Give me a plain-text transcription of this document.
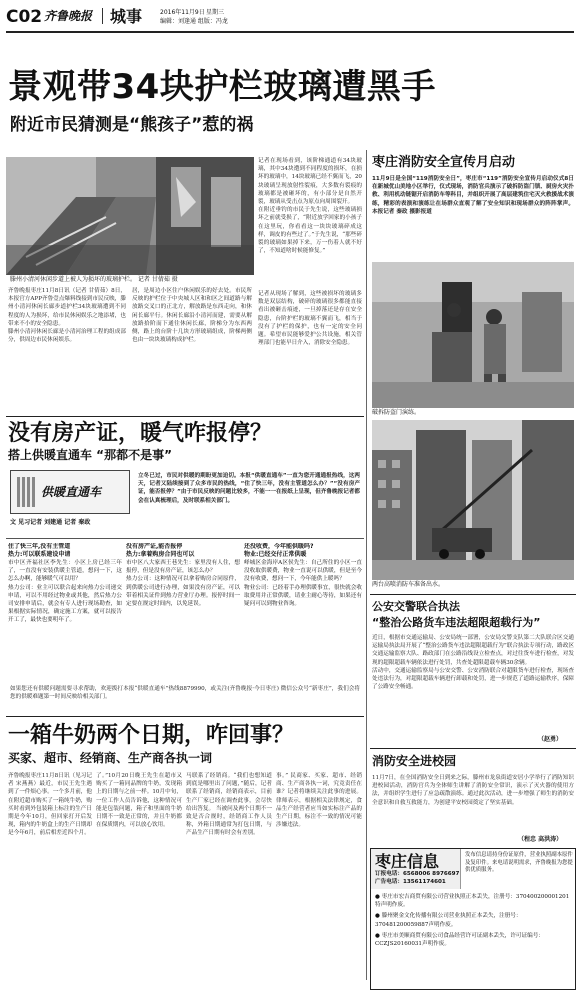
C02 齐鲁晚报 城事	2016年11月9日 星期三
编辑：刘逢通 组版：冯龙
景观带34块护栏玻璃遭黑手
附近市民猜测是“熊孩子”惹的祸
滕州小清河休闲步道上被人为损坏的玻璃护栏。 记者 甘倩茹 摄
齐鲁晚报枣庄11月8日讯（记者 甘倩茹）8日，本报官方APP齐鲁壹点爆料线接到市民反映，滕州小清河休闲长廊步道护栏34块玻璃遭到不同程度的人为损坏，给市民休闲娱乐之地添堵，也带来不小的安全隐患。
滕州小清河休闲长廊是小清河治理工程的组成部分，供周边市民休闲娱乐。
居，是周边小区住户休闲娱乐的好去处。市民所反映的护栏位于中央城人区和和区之间道路与解放路交叉口的正北方，解放路是东西走向，和休闲长廊平行。休闲长廊沿小清河而建，需要从解放路拾阶而下通往休闲长廊，阶梯分为东西两侧，路上的台阶十几块方形玻璃组成，阶梯两侧也由一块块玻璃构成护栏。
记者在现场看到，该阶梯通道有34块玻璃，其中34块遭到不同程度的损坏，在损坏的玻璃中，14块玻璃已经不翼而飞，20块玻璃呈现放射性裂痕，大多数有裂痕的玻璃都是被砸坏的，有小部分是自然开裂，玻璃从受击点为原点向周围裂开。
在附近垂钓的市民于先生说，这些玻璃损坏之前就受损了，“附近放学回家的小孩子在这里玩，你看看这一块块玻璃碎成这样，调皮的有些过了。”于先生说，“那些碎裂的玻璃如果掉下来，万一伤着人就不好了，不知道啥时候能修复。”
记者从现场了解到，这些被损坏的玻璃多数是双层结构，破碎的玻璃很多都能直接看出被砸击痕迹，一旦掉落还是存在安全隐患，台阶护栏的玻璃不翼而飞，相当于没有了护栏的保护，也有一定的安全问题。希望市民能够爱护公共设施，相关管理部门也能早日介入，消除安全隐患。
没有房产证，暖气咋报停？
搭上供暖直通车 “那都不是事”
供暖直通车
立冬已过，市民对供暖的期盼更加迫切。本报“供暖直通车”一直为您开通通报热线，这两天，记者又陆续接到了众多市民的热线，“住了快三年，没有主管道怎么办？”“没有房产证，能否报停？”由于市民反映的问题比较多，不能一一在报纸上呈现，但齐鲁晚报记者都会在认真梳理后，及时联系相关部门。
文 见习记者 刘建通 记者 秦政
住了快三年,没有主管道
热力:可以联系建设申请
市中区齐福社区李先生：小区上房已经三年了，一直没有安装供暖主管道，想问一下，这怎么办啊，能够暖气可以用？
热力公司：业主可以联合起来向热力公司递交申请，可以不用经过物业或其他，然后热力公司安排申请后，就会有专人进行现场勘查，如果根据实际情况，确定施工方案，就可以报告开工了，最快也要明年了。
没有房产证,能否报停
热力:拿着购房合同也可以
市中区八大家西王巷先生：家里没有人住，想报停，但是没有房产证，该怎么办？
热力公司：这种情况可以拿着购房合同原件，到供暖公司进行办理，如果没有房产证，可以带着相关证件到热力营业厅办理。报停时间一定要在规定时间内，以免延误。
还没收费，今年能供暖吗?
物业:已经交付正常供暖
峄城区金海岸A区侯先生：自己所住的小区一直没收取供暖费，物业一直说可以供暖，但是至今没有收费，想问一下，今年能供上暖吗？
物业公司：已经着手办理供暖事宜，很快就会收取费用并正常供暖，请业主耐心等待，如果还有疑问可以到物业咨询。
如果您还有供暖问题需要寻求帮助，欢迎拨打本报“供暖直通车”热线8879990，或关注(齐鲁晚报·今日枣庄) 微信公众号“新枣庄”，我们会将您的供暖难题第一时间反映给相关部门。
一箱牛奶两个日期，咋回事？
买家、超市、经销商、生产商各执一词
齐鲁晚报枣庄11月8日讯（见习记者 宋燕燕）最近，市民王先生遇到了一件烦心事。一个多月前，他在附近超市购买了一箱纯牛奶，购买时看到外包装箱上标注的生产日期是今年10月，但回家打开后发现，箱内的牛奶盒上的生产日期却是今年6月，前后相差近四个月。
了。”10月20日晚王先生在超市又购买了一箱同品牌的牛奶，发现箱上的日期与之前一样。10月中旬，一位工作人员告诉他，这种情况可能是包装问题，箱子和里面的牛奶日期不一致是正常的，并且牛奶都在保质期内，可以放心饮用。
马联系了经销商。“我们也想知道到底是哪里出了问题，”随后，记者联系了经销商，经销商表示，目前生产厂家已经在调查此事，会尽快给出答复。 当被问及两个日期不一致是否合规时，经销商工作人员称，外箱日期通常为打包日期，与产品生产日期有时会有差别。
事。” 民商家、买家、超市、经销商、生产商各执一词，究竟责任在谁？记者将继续关注此事的进展。律师表示，根据相关法律规定，食品生产经营者应当如实标注产品的生产日期，标注不一致的情况可能涉嫌违法。
枣庄消防安全宣传月启动
11月9日是全国“119消防安全日”，枣庄市“119”消防安全宣传月启动仪式8日在新城优山美地小区举行，仪式现场，消防官兵演示了破拆防盗门锁、厨房火灾扑救、利用机动链锯开启消防车等科目，并组织开展了高层建筑住宅灭火救援战术演练，精彩的表演和演练让在场群众直观了解了安全知识和现场群众的阵阵掌声。 本报记者 秦政 摄影报道
破拆防盗门演练。
两台高喷消防车准备出水。
公安交警联合执法
“整治公路货车违法超限超载行为”
近日，根据市交通运输局、公安局统一部署，公安局交警支队第二大队联合区交通运输局执法局开展了“整治公路货车违法超限超载行为”联合执法专项行动，路政区交通运输监察大队、路政部门在公路沿线设立检查点，对过往货车进行检查，对发现的超限超载车辆依法进行处罚，共查处超限超载车辆30余辆。
活动中，交通运输监察局与公安交警、公安消防联合对超限货车进行检查，现场查处违法行为，对超限超载车辆进行卸载和处罚，进一步规范了道路运输秩序，保障了公路安全畅通。
（赵勇）
消防安全进校园
11月7日，在全国消防安全日到来之际，滕州市龙泉街道安居小学举行了消防知识进校园活动，消防官兵为全体师生讲解了消防安全常识，演示了灭火器的使用方法，并组织学生进行了应急疏散演练。通过此次活动，进一步增强了师生的消防安全意识和自救互救能力，为创建平安校园奠定了坚实基础。
（程忠 高洪涛）
枣庄信息
订报电话：6568006 8976697
广告电话：13561174601
发布信息请持身份证原件，营业执照副本原件及复印件。来电请说明需求，齐鲁晚报为您提供优质服务。
● 枣庄市宏吉商贸有限公司营业执照正本丢失，注册号：370400200001201特声明作废。
● 滕州聚金文化传播有限公司营业执照正本丢失，注册号：370481200059887声明作废。
● 枣庄市美顺商贸有限公司食品经营许可证副本丢失，许可证编号：CCZJS20160031声明作废。
